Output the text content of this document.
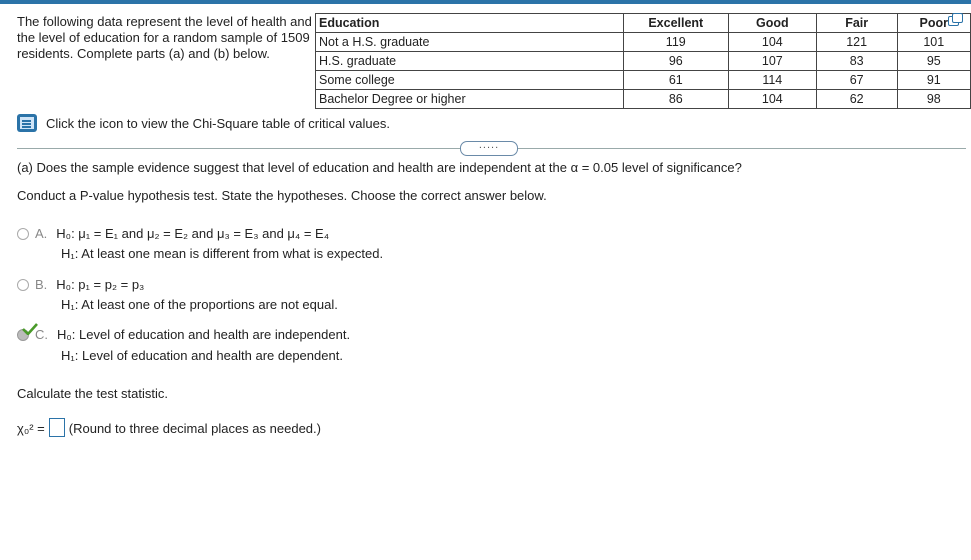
The following data represent the level of health and the level of education for a random sample of 1509 residents. Complete parts (a) and (b) below.
Education	Excellent	Good	Fair	Poor
Not a H.S. graduate	119	104	121	101
H.S. graduate	96	107	83	95
Some college	61	114	67	91
Bachelor Degree or higher	86	104	62	98
Click the icon to view the Chi-Square table of critical values.
.....
(a) Does the sample evidence suggest that level of education and health are independent at the α = 0.05 level of significance?
Conduct a P-value hypothesis test. State the hypotheses. Choose the correct answer below.
A. H₀: μ₁ = E₁ and μ₂ = E₂ and μ₃ = E₃ and μ₄ = E₄
H₁: At least one mean is different from what is expected.
B. H₀: p₁ = p₂ = p₃
H₁: At least one of the proportions are not equal.
C. H₀: Level of education and health are independent.
H₁: Level of education and health are dependent.
Calculate the test statistic.
χ₀² = (Round to three decimal places as needed.)
